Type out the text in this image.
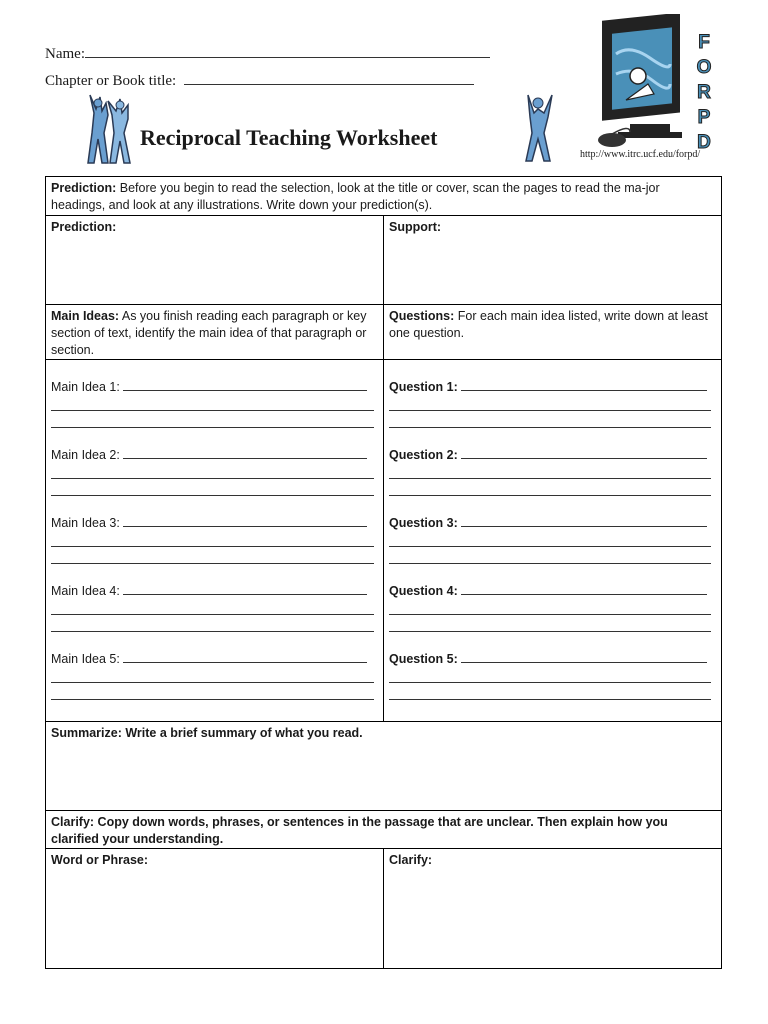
Name:
Chapter or Book title:
Reciprocal Teaching Worksheet
F
O
R
P
D
http://www.itrc.ucf.edu/forpd/
Prediction: Before you begin to read the selection, look at the title or cover, scan the pages to read the ma-jor headings, and look at any illustrations. Write down your prediction(s).
Prediction:	Support:
Main Ideas: As you finish reading each paragraph or key section of text, identify the main idea of that paragraph or section.
Questions: For each main idea listed, write down at least one question.
Main Idea 1:
Main Idea 2:
Main Idea 3:
Main Idea 4:
Main Idea 5:
Question 1:
Question 2:
Question 3:
Question 4:
Question 5:
Summarize: Write a brief summary of what you read.
Clarify: Copy down words, phrases, or sentences in the passage that are unclear. Then explain how you clarified your understanding.
Word or Phrase:	Clarify:
